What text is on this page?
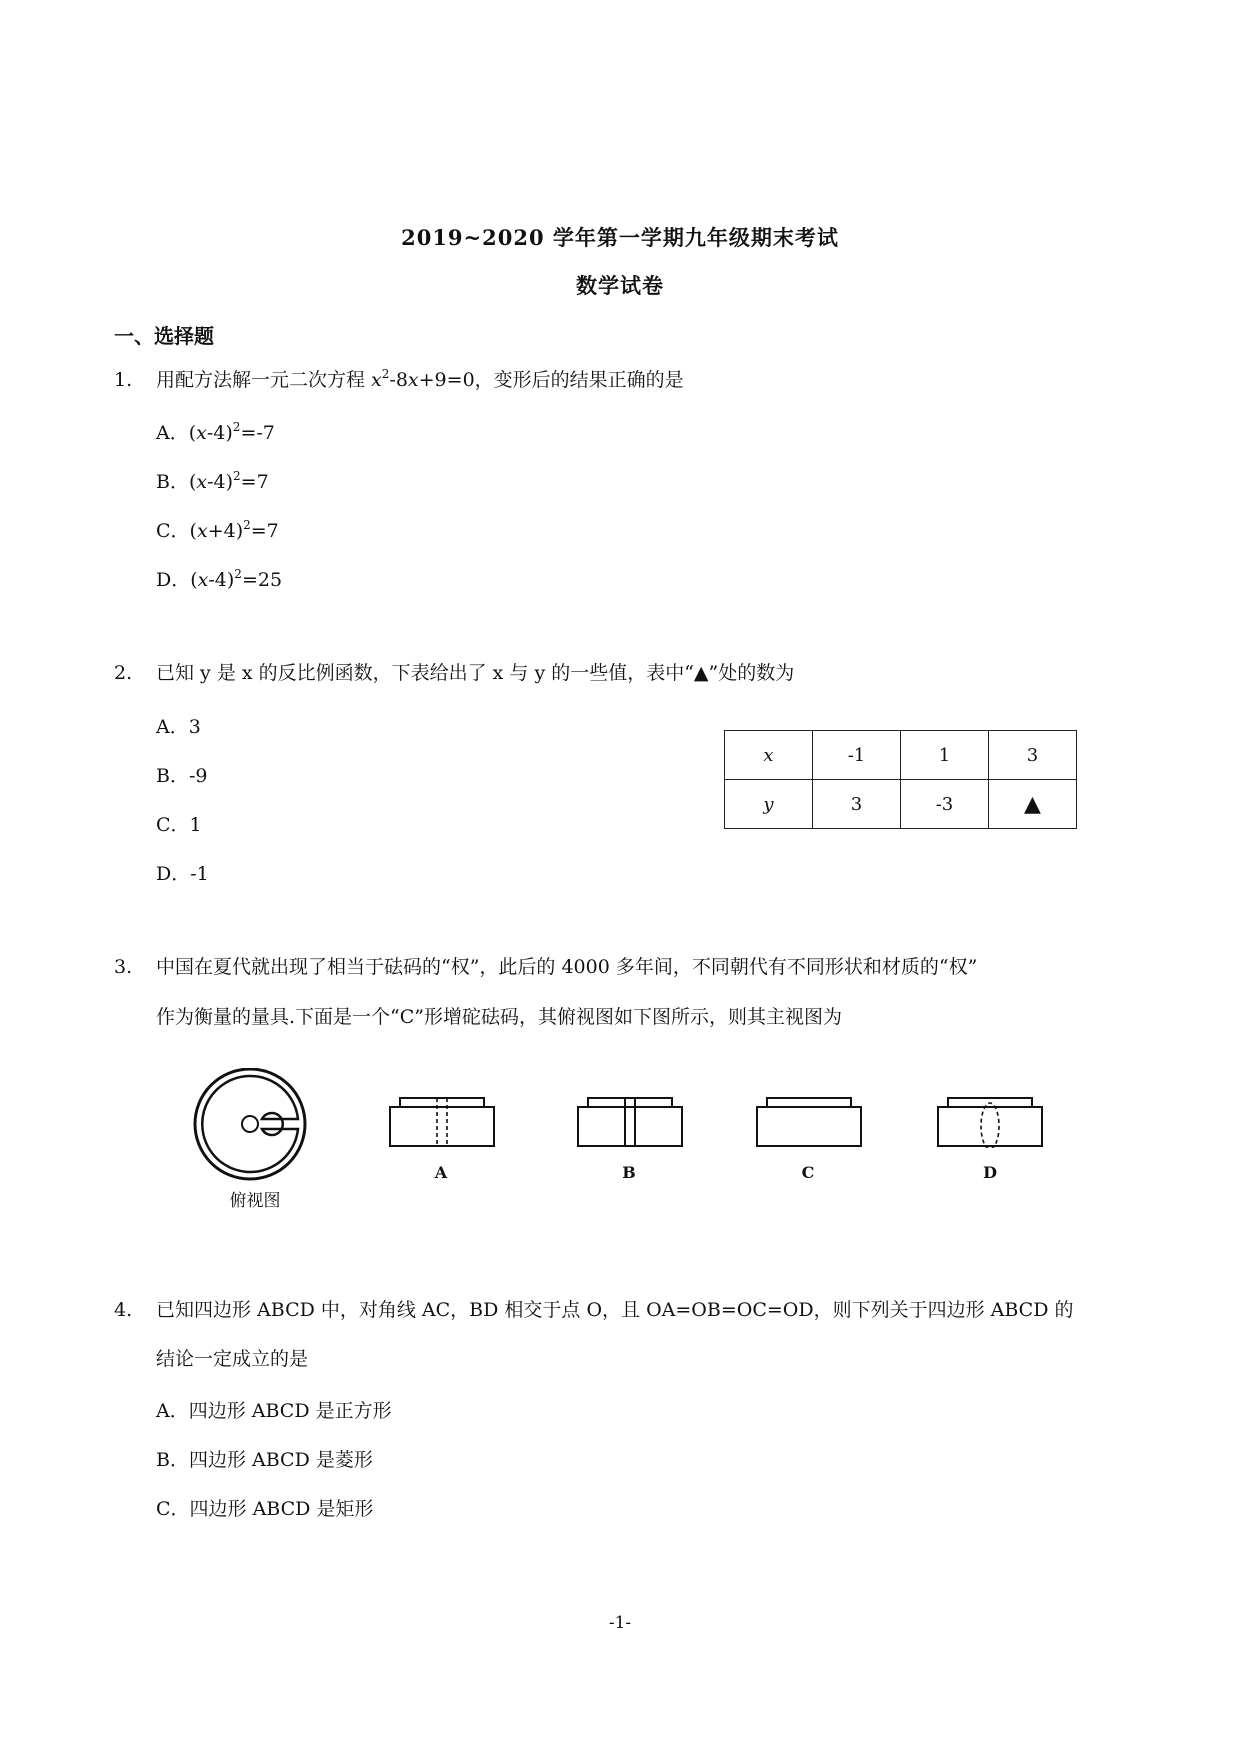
2019~2020 学年第一学期九年级期末考试
数学试卷
一、选择题
1. 用配方法解一元二次方程 $x^2-8x+9=0$，变形后的结果正确的是
A．$(x-4)^2=-7$
B．$(x-4)^2=7$
C．$(x+4)^2=7$
D．$(x-4)^2=25$
2. 已知 y 是 x 的反比例函数，下表给出了 x 与 y 的一些值，表中“▲”处的数为
A．3
B．-9
C．1
D．-1
x	-1	1	3
y	3	-3	▲
3. 中国在夏代就出现了相当于砝码的“权”，此后的 4000 多年间，不同朝代有不同形状和材质的“权”
作为衡量的量具.下面是一个“C”形增砣砝码，其俯视图如下图所示，则其主视图为
俯视图
A	B	C	D
4. 已知四边形 ABCD 中，对角线 AC，BD 相交于点 O，且 OA=OB=OC=OD，则下列关于四边形 ABCD 的
结论一定成立的是
A．四边形 ABCD 是正方形
B．四边形 ABCD 是菱形
C．四边形 ABCD 是矩形
-1-
